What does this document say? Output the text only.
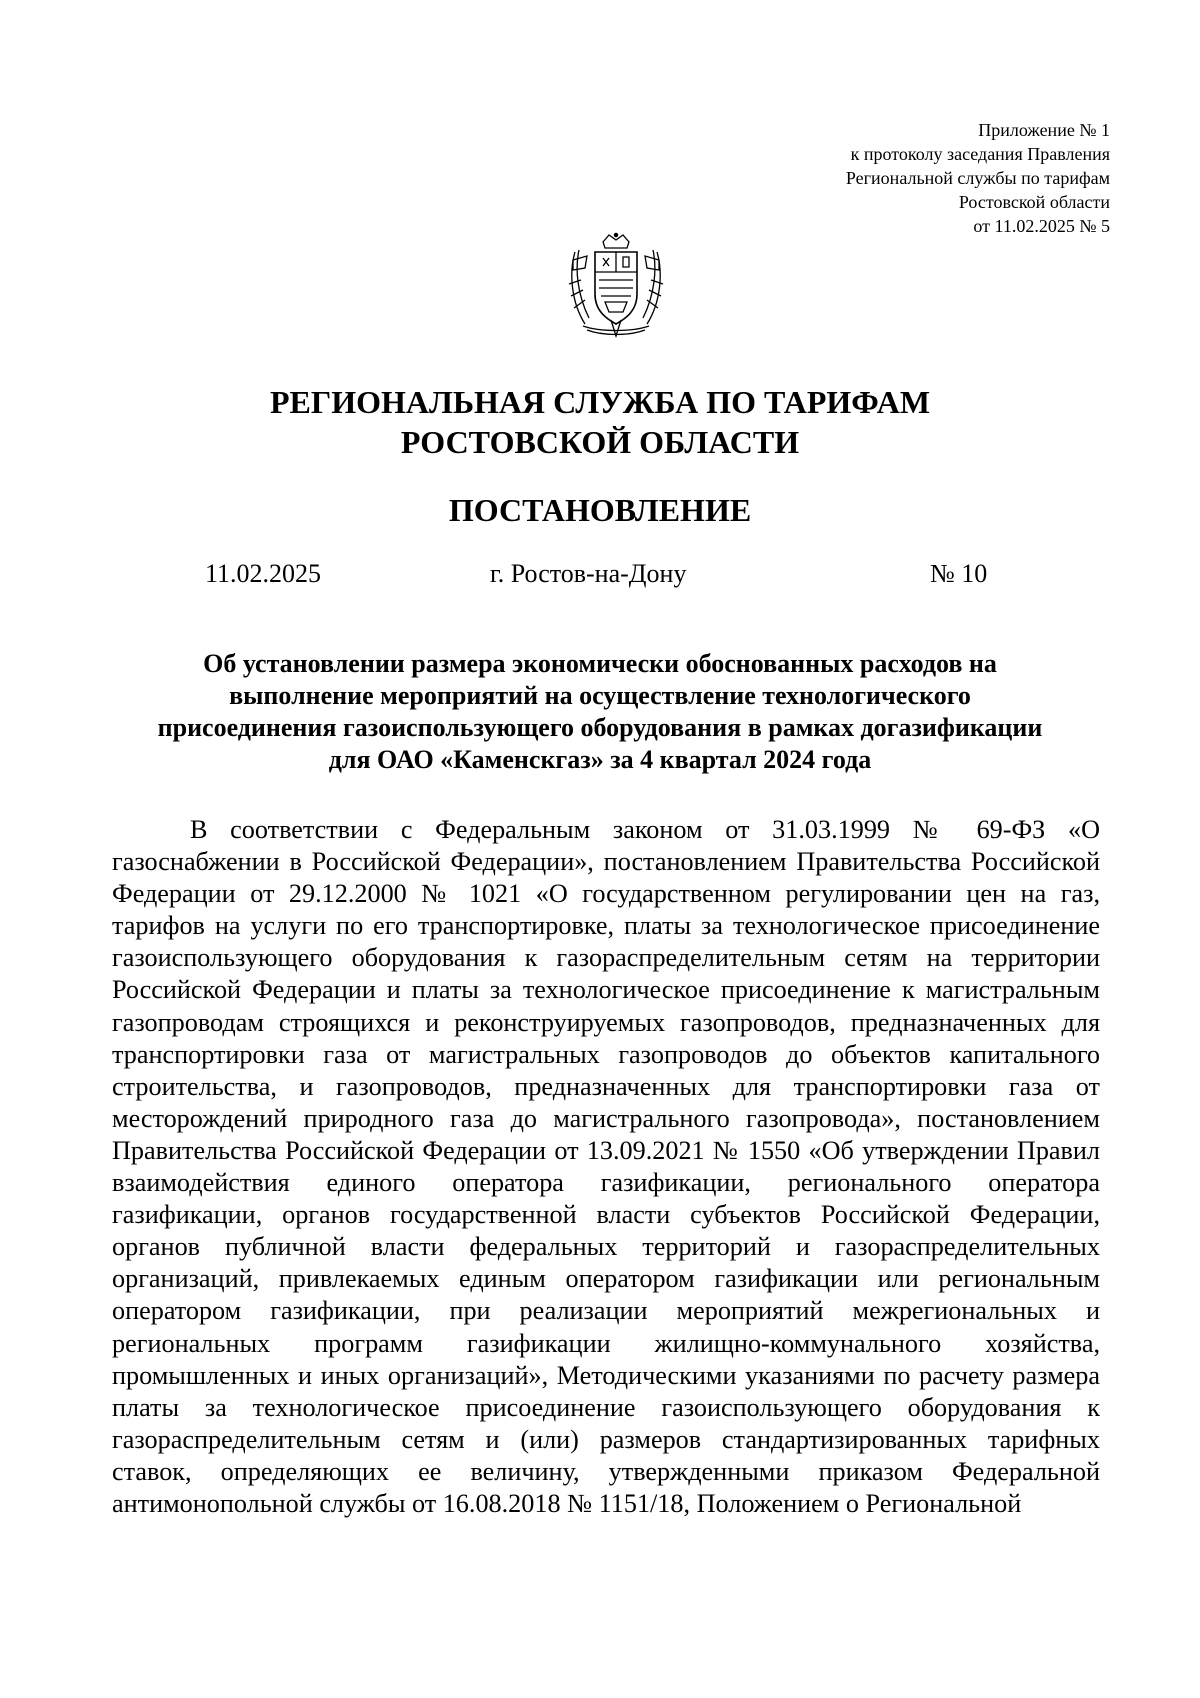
Приложение № 1
к протоколу заседания Правления
Региональной службы по тарифам
Ростовской области
от 11.02.2025 № 5
РЕГИОНАЛЬНАЯ СЛУЖБА ПО ТАРИФАМ
РОСТОВСКОЙ ОБЛАСТИ
ПОСТАНОВЛЕНИЕ
11.02.2025	г. Ростов-на-Дону	№ 10
Об установлении размера экономически обоснованных расходов на
выполнение мероприятий на осуществление технологического
присоединения газоиспользующего оборудования в рамках догазификации
для ОАО «Каменскгаз» за 4 квартал 2024 года

В соответствии с Федеральным законом от 31.03.1999 № 69-ФЗ «О газоснабжении в Российской Федерации», постановлением Правительства Российской Федерации от 29.12.2000 № 1021 «О государственном регулировании цен на газ, тарифов на услуги по его транспортировке, платы за технологическое присоединение газоиспользующего оборудования к газораспределительным сетям на территории Российской Федерации и платы за технологическое присоединение к магистральным газопроводам строящихся и реконструируемых газопроводов, предназначенных для транспортировки газа от магистральных газопроводов до объектов капитального строительства, и газопроводов, предназначенных для транспортировки газа от месторождений природного газа до магистрального газопровода», постановлением Правительства Российской Федерации от 13.09.2021 № 1550 «Об утверждении Правил взаимодействия единого оператора газификации, регионального оператора газификации, органов государственной власти субъектов Российской Федерации, органов публичной власти федеральных территорий и газораспределительных организаций, привлекаемых единым оператором газификации или региональным оператором газификации, при реализации мероприятий межрегиональных и региональных программ газификации жилищно-коммунального хозяйства, промышленных и иных организаций», Методическими указаниями по расчету размера платы за технологическое присоединение газоиспользующего оборудования к газораспределительным сетям и (или) размеров стандартизированных тарифных ставок, определяющих ее величину, утвержденными приказом Федеральной антимонопольной службы от 16.08.2018 № 1151/18, Положением о Региональной
